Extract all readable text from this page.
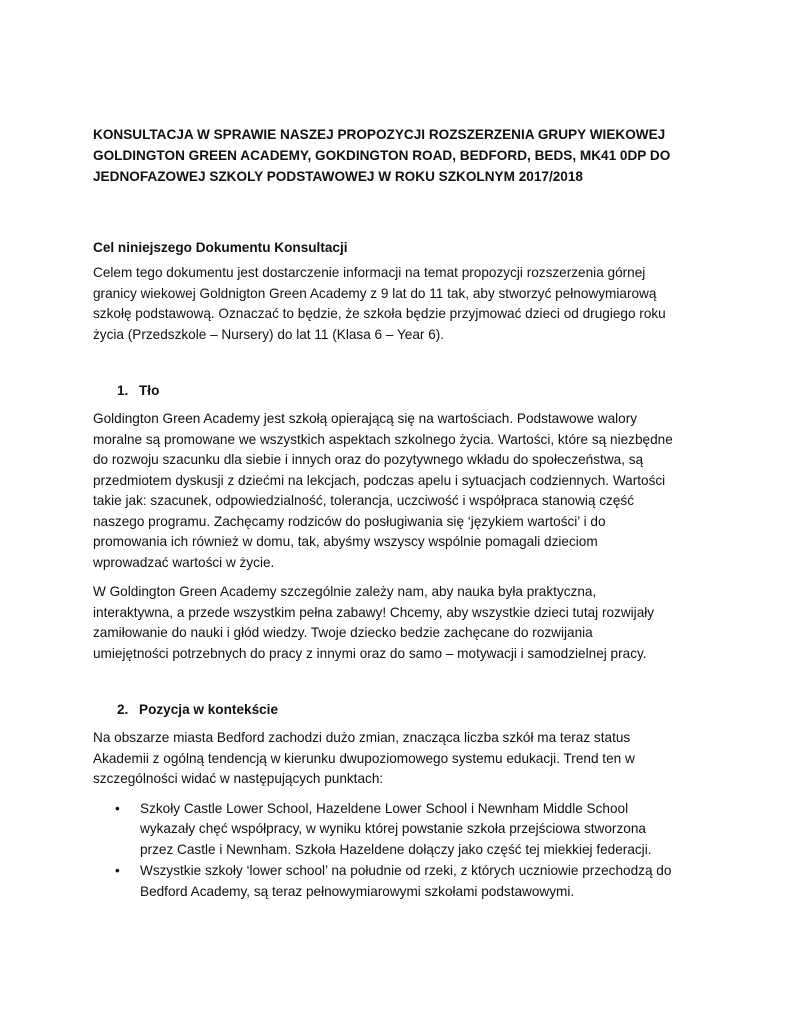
KONSULTACJA W SPRAWIE NASZEJ PROPOZYCJI ROZSZERZENIA GRUPY WIEKOWEJ
GOLDINGTON GREEN ACADEMY, GOKDINGTON ROAD, BEDFORD, BEDS, MK41 0DP DO
JEDNOFAZOWEJ SZKOLY PODSTAWOWEJ W ROKU SZKOLNYM 2017/2018
Cel niniejszego Dokumentu Konsultacji
Celem tego dokumentu jest dostarczenie informacji na temat propozycji rozszerzenia górnej
granicy wiekowej Goldnigton Green Academy z 9 lat do 11 tak, aby stworzyć pełnowymiarową
szkołę podstawową. Oznaczać to będzie, że szkoła będzie przyjmować dzieci od drugiego roku
życia (Przedszkole – Nursery) do lat 11 (Klasa 6 – Year 6).
1. Tło
Goldington Green Academy jest szkołą opierającą się na wartościach. Podstawowe walory
moralne są promowane we wszystkich aspektach szkolnego życia. Wartości, które są niezbędne
do rozwoju szacunku dla siebie i innych oraz do pozytywnego wkładu do społeczeństwa, są
przedmiotem dyskusji z dziećmi na lekcjach, podczas apelu i sytuacjach codziennych. Wartości
takie jak: szacunek, odpowiedzialność, tolerancja, uczciwość i współpraca stanowią część
naszego programu. Zachęcamy rodziców do posługiwania się ‘językiem wartości’ i do
promowania ich również w domu, tak, abyśmy wszyscy wspólnie pomagali dzieciom
wprowadzać wartości w życie.
W Goldington Green Academy szczególnie zależy nam, aby nauka była praktyczna,
interaktywna, a przede wszystkim pełna zabawy! Chcemy, aby wszystkie dzieci tutaj rozwijały
zamiłowanie do nauki i głód wiedzy. Twoje dziecko bedzie zachęcane do rozwijania
umiejętności potrzebnych do pracy z innymi oraz do samo – motywacji i samodzielnej pracy.
2. Pozycja w kontekście
Na obszarze miasta Bedford zachodzi dużo zmian, znacząca liczba szkół ma teraz status
Akademii z ogólną tendencją w kierunku dwupoziomowego systemu edukacji. Trend ten w
szczególności widać w następujących punktach:
• Szkoły Castle Lower School, Hazeldene Lower School i Newnham Middle School
wykazały chęć współpracy, w wyniku której powstanie szkoła przejściowa stworzona
przez Castle i Newnham. Szkoła Hazeldene dołączy jako część tej miekkiej federacji.
• Wszystkie szkoły ‘lower school’ na południe od rzeki, z których uczniowie przechodzą do
Bedford Academy, są teraz pełnowymiarowymi szkołami podstawowymi.
